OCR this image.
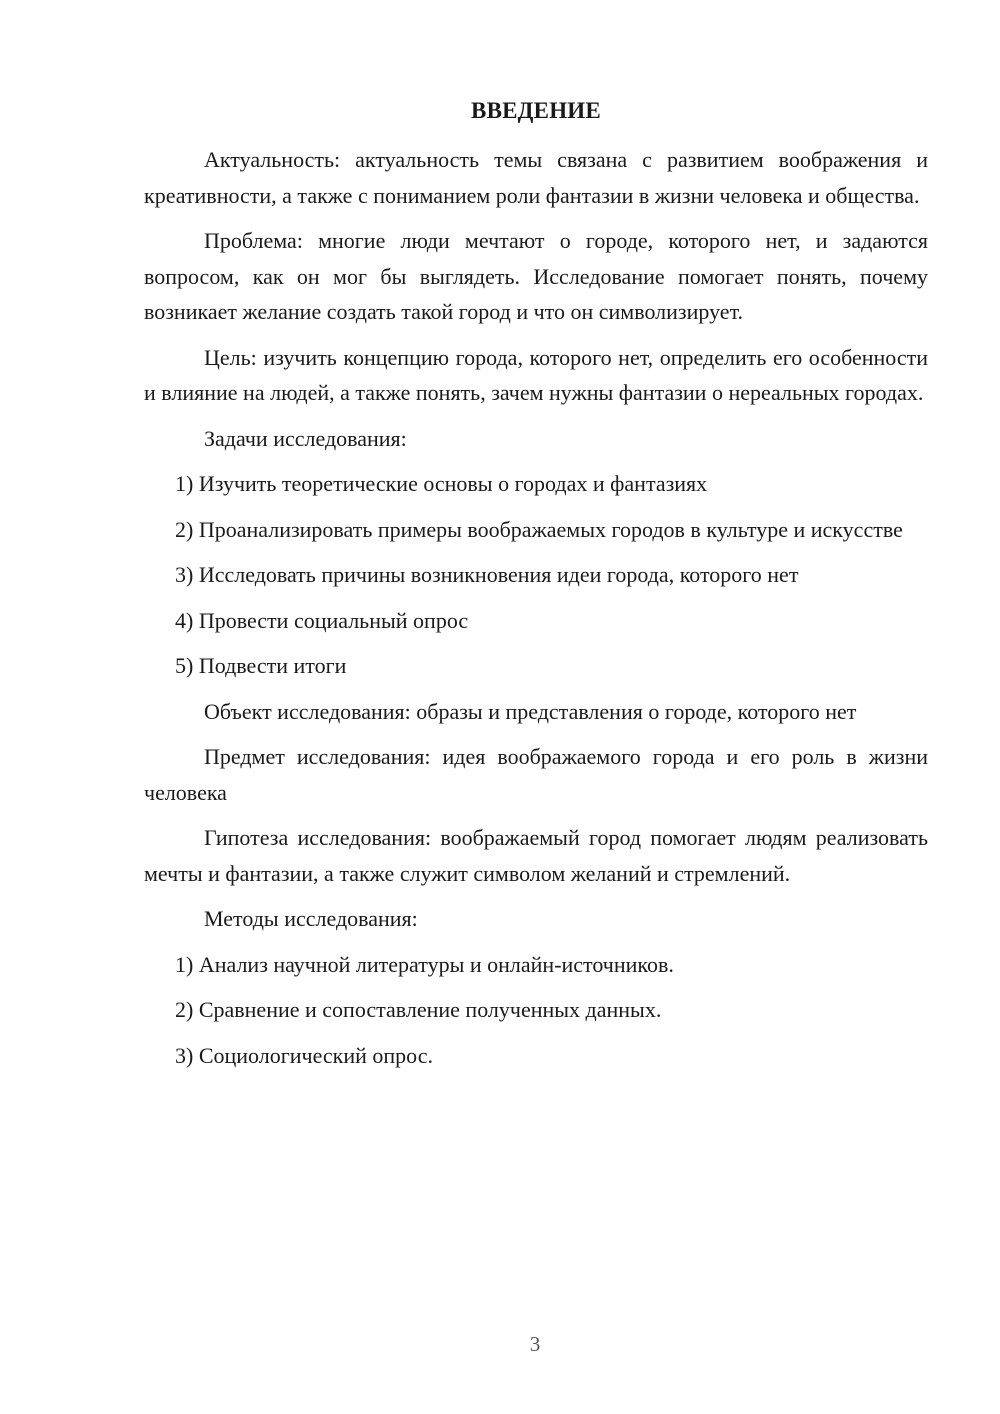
ВВЕДЕНИЕ

Актуальность: актуальность темы связана с развитием воображения и креативности, а также с пониманием роли фантазии в жизни человека и общества.

Проблема: многие люди мечтают о городе, которого нет, и задаются вопросом, как он мог бы выглядеть. Исследование помогает понять, почему возникает желание создать такой город и что он символизирует.

Цель: изучить концепцию города, которого нет, определить его особенности и влияние на людей, а также понять, зачем нужны фантазии о нереальных городах.

Задачи исследования:

1) Изучить теоретические основы о городах и фантазиях

2) Проанализировать примеры воображаемых городов в культуре и искусстве

3) Исследовать причины возникновения идеи города, которого нет

4) Провести социальный опрос

5) Подвести итоги

Объект исследования: образы и представления о городе, которого нет

Предмет исследования: идея воображаемого города и его роль в жизни человека

Гипотеза исследования: воображаемый город помогает людям реализовать мечты и фантазии, а также служит символом желаний и стремлений.

Методы исследования:

1) Анализ научной литературы и онлайн-источников.

2) Сравнение и сопоставление полученных данных.

3) Социологический опрос.

3
